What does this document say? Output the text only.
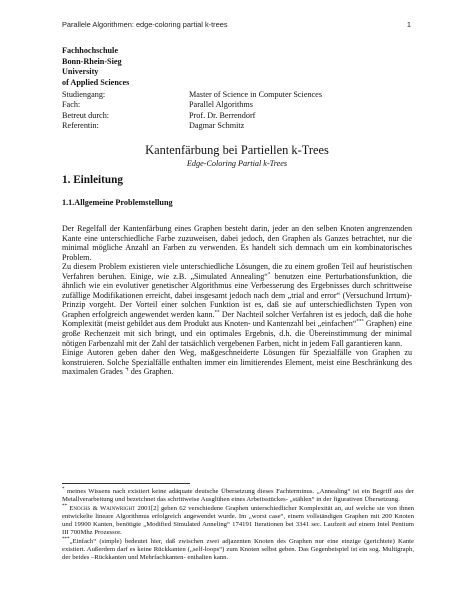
Parallele Algorithmen: edge-coloring partial k-trees	1
Fachhochschule
Bonn-Rhein-Sieg
University
of Applied Sciences
Studiengang:	Master of Science in Computer Sciences
Fach:	Parallel Algorithms
Betreut durch:	Prof. Dr. Berrendorf
Referentin:	Dagmar Schmitz
Kantenfärbung bei Partiellen k-Trees
Edge-Coloring Partial k-Trees
1. Einleitung
1.1.Allgemeine Problemstellung
Der Regelfall der Kantenfärbung eines Graphen besteht darin, jeder an den selben Knoten angrenzenden Kante eine unterschiedliche Farbe zuzuweisen, dabei jedoch, den Graphen als Ganzes betrachtet, nur die minimal mögliche Anzahl an Farben zu verwenden. Es handelt sich demnach um ein kombinatorisches Problem.
Zu diesem Problem existieren viele unterschiedliche Lösungen, die zu einem großen Teil auf heuristischen Verfahren beruhen. Einige, wie z.B. „Simulated Annealing“* benutzen eine Perturbationsfunktion, die ähnlich wie ein evolutiver genetischer Algorithmus eine Verbesserung des Ergebnisses durch schrittweise zufällige Modifikationen erreicht, dabei insgesamt jedoch nach dem „trial and error“ (Versuchund Irrtum)-Prinzip vorgeht. Der Vorteil einer solchen Funktion ist es, daß sie auf unterschiedlichsten Typen von Graphen erfolgreich angewendet werden kann.** Der Nachteil solcher Verfahren ist es jedoch, daß die hohe Komplexität (meist gebildet aus dem Produkt aus Knoten- und Kantenzahl bei „einfachen“*** Graphen) eine große Rechenzeit mit sich bringt, und ein optimales Ergebnis, d.h. die Übereinstimmung der minimal nötigen Farbenzahl mit der Zahl der tatsächlich vergebenen Farben, nicht in jedem Fall garantieren kann.
Einige Autoren geben daher den Weg, maßgeschneiderte Lösungen für Spezialfälle von Graphen zu konstruieren. Solche Spezialfälle enthalten immer ein limitierendes Element, meist eine Beschränkung des maximalen Grades ⌝ des Graphen.
* meines Wissens nach existiert keine adäquate deutsche Übersetzung dieses Fachterminus. „Annealing“ ist ein Begriff aus der Metallverarbeitung und bezeichnet das schrittweise Ausglühen eines Arbeitsstückes- „stählen“ in der figurativen Übersetzung.
** Enochs & Wainwright 2001[2] geben 62 verschiedene Graphen unterschiedlicher Komplexität an, auf welche sie von ihnen entwickelte lineare Algorithmus erfolgreich angewendet wurde. Im „worst case“, einem vollständigen Graphen mit 200 Knoten und 19900 Kanten, benötigte „Modified Simulated Anneling“ 174191 Iterationen bei 3341 sec. Laufzeit auf einem Intel Pentium III 700Mhz Prozessor.
***„Einfach“ (simple) bedeutet hier, daß zwischen zwei adjazenten Knoten des Graphen nur eine einzige (gerichtete) Kante existiert. Außerdem darf es keine Rückkanten („self-loops“) zum Knoten selbst geben. Das Gegenbeispiel ist ein sog. Multigraph, der beides –Rückkanten und Mehrfachkanten- enthalten kann.
